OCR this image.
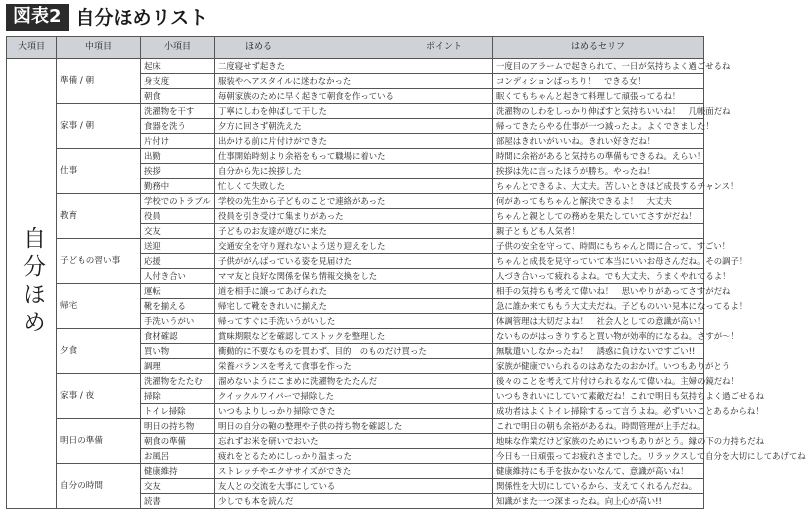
図表2 自分ほめリスト
大項目	中項目	小項目	ほめる ポイント	はめるセリフ
自分ほめ	準備 / 朝	起床	二度寝せず起きた	一度目のアラームで起きられて、一日が気持ちよく過ごせるね
		身支度	服装やヘアスタイルに迷わなかった	コンディションばっちり！　できる女！
		朝食	毎朝家族のために早く起きて朝食を作っている	眠くてもちゃんと起きて料理して頑張ってるね！
	家事 / 朝	洗濯物を干す	丁寧にしわを伸ばして干した	洗濯物のしわをしっかり伸ばすと気持ちいいね！　几帳面だね
		食器を洗う	夕方に回さず朝洗えた	帰ってきたらやる仕事が一つ減ったよ。よくできました！
		片付け	出かける前に片付けができた	部屋はきれいがいいね。きれい好きだね！
	仕事	出勤	仕事開始時刻より余裕をもって職場に着いた	時間に余裕があると気持ちの準備もできるね。えらい！
		挨拶	自分から先に挨拶した	挨拶は先に言ったほうが勝ち。やったね！
		勤務中	忙しくて失敗した	ちゃんとできるよ、大丈夫。苦しいときほど成長するチャンス！
	教育	学校でのトラブル	学校の先生から子どものことで連絡があった	何があってもちゃんと解決できるよ！　大丈夫
		役員	役員を引き受けて集まりがあった	ちゃんと親としての務めを果たしていてさすがだね！
		交友	子どものお友達が遊びに来た	親子ともども人気者！
	子どもの習い事	送迎	交通安全を守り遅れないよう送り迎えをした	子供の安全を守って、時間にもちゃんと間に合って、すごい！
		応援	子供ががんばっている姿を見届けた	ちゃんと成長を見守っていて本当にいいお母さんだね。その調子！
		人付き合い	ママ友と良好な関係を保ち情報交換をした	人づき合いって疲れるよね。でも大丈夫、うまくやれてるよ！
	帰宅	運転	道を相手に譲ってあげられた	相手の気持ちも考えて偉いね！　思いやりがあってさすがだね
		靴を揃える	帰宅して靴をきれいに揃えた	急に誰か来てももう大丈夫だね。子どものいい見本になってるよ！
		手洗いうがい	帰ってすぐに手洗いうがいした	体調管理は大切だよね！　社会人としての意識が高い！
	夕食	食材確認	賞味期限などを確認してストックを整理した	ないものがはっきりすると買い物が効率的になるね。さすが～！
		買い物	衝動的に不要なものを買わず、目的　のものだけ買った	無駄遣いしなかったね！　誘惑に負けないですごい!!
		調理	栄養バランスを考えて食事を作った	家族が健康でいられるのはあなたのおかげ。いつもありがとう
	家事 / 夜	洗濯物をたたむ	溜めないようにこまめに洗濯物をたたんだ	後々のことを考えて片付けられるなんて偉いね。主婦の鏡だね！
		掃除	クイックルワイパーで掃除した	いつもきれいにしていて素敵だね！これで明日も気持ちよく過ごせるね
		トイレ掃除	いつもよりしっかり掃除できた	成功者はよくトイレ掃除するって言うよね。必ずいいことあるからね！
	明日の準備	明日の持ち物	明日の自分の鞄の整理や子供の持ち物を確認した	これで明日の朝も余裕があるね。時間管理が上手だね。
		朝食の準備	忘れずお米を研いでおいた	地味な作業だけど家族のためにいつもありがとう。縁の下の力持ちだね
		お風呂	疲れをとるためにしっかり温まった	今日も一日頑張ってお疲れさまでした。リラックスして自分を大切にしてあげてね
	自分の時間	健康維持	ストレッチやエクササイズができた	健康維持にも手を抜かないなんて、意識が高いね！
		交友	友人との交流を大事にしている	関係性を大切にしているから、支えてくれるんだね。
		読書	少しでも本を読んだ	知識がまた一つ深まったね。向上心が高い!!
